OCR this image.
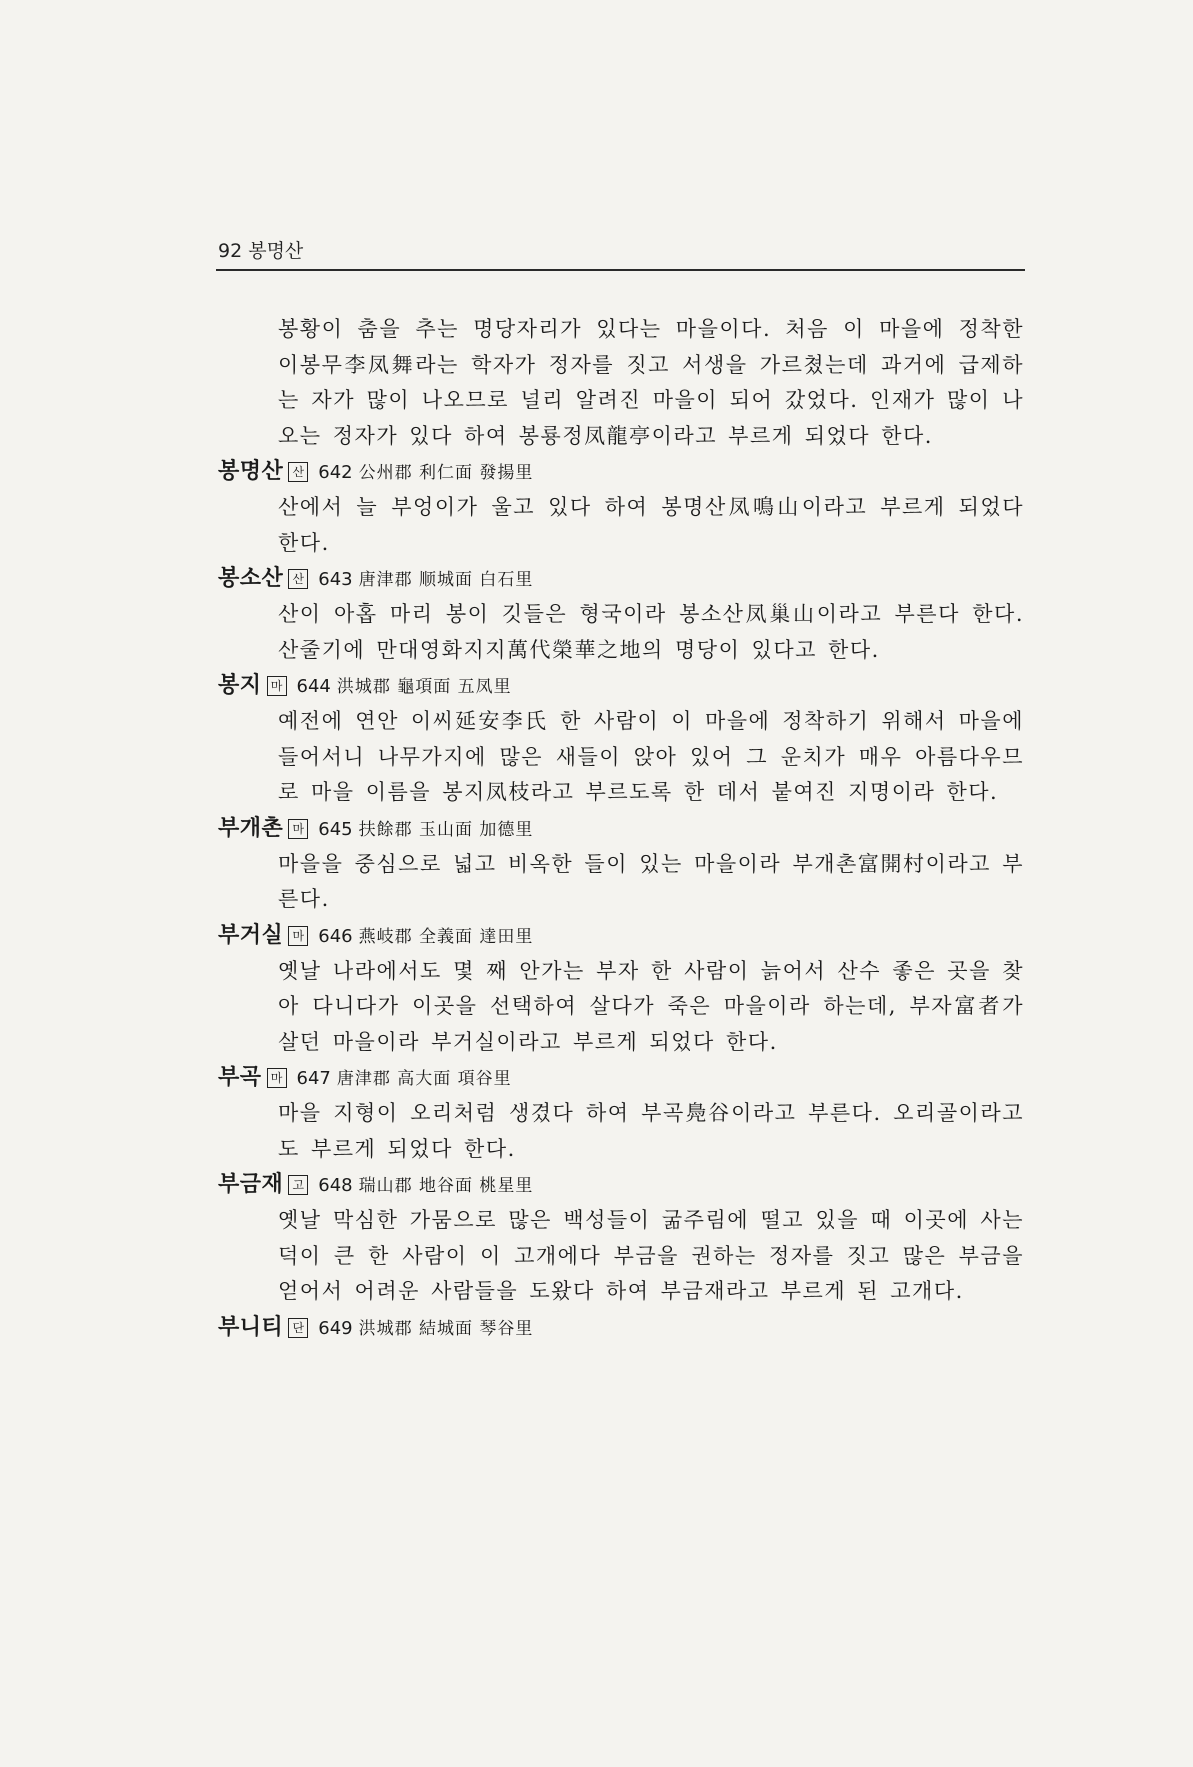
92 봉명산

봉황이 춤을 추는 명당자리가 있다는 마을이다. 처음 이 마을에 정착한 이봉무李凤舞라는 학자가 정자를 짓고 서생을 가르쳤는데 과거에 급제하는 자가 많이 나오므로 널리 알려진 마을이 되어 갔었다. 인재가 많이 나오는 정자가 있다 하여 봉룡정凤龍亭이라고 부르게 되었다 한다.

봉명산 산 642 公州郡 利仁面 發揚里

산에서 늘 부엉이가 울고 있다 하여 봉명산凤鳴山이라고 부르게 되었다 한다.

봉소산 산 643 唐津郡 顺城面 白石里

산이 아홉 마리 봉이 깃들은 형국이라 봉소산凤巢山이라고 부른다 한다. 산줄기에 만대영화지지萬代榮華之地의 명당이 있다고 한다.

봉지 마 644 洪城郡 龜項面 五凤里

예전에 연안 이씨延安李氏 한 사람이 이 마을에 정착하기 위해서 마을에 들어서니 나무가지에 많은 새들이 앉아 있어 그 운치가 매우 아름다우므로 마을 이름을 봉지凤枝라고 부르도록 한 데서 붙여진 지명이라 한다.

부개촌 마 645 扶餘郡 玉山面 加德里

마을을 중심으로 넓고 비옥한 들이 있는 마을이라 부개촌富開村이라고 부른다.

부거실 마 646 燕岐郡 全義面 達田里

옛날 나라에서도 몇 째 안가는 부자 한 사람이 늙어서 산수 좋은 곳을 찾아 다니다가 이곳을 선택하여 살다가 죽은 마을이라 하는데, 부자富者가 살던 마을이라 부거실이라고 부르게 되었다 한다.

부곡 마 647 唐津郡 高大面 項谷里

마을 지형이 오리처럼 생겼다 하여 부곡鳧谷이라고 부른다. 오리골이라고도 부르게 되었다 한다.

부금재 고 648 瑞山郡 地谷面 桃星里

옛날 막심한 가뭄으로 많은 백성들이 굶주림에 떨고 있을 때 이곳에 사는 덕이 큰 한 사람이 이 고개에다 부금을 권하는 정자를 짓고 많은 부금을 얻어서 어려운 사람들을 도왔다 하여 부금재라고 부르게 된 고개다.

부니티 단 649 洪城郡 結城面 琴谷里
